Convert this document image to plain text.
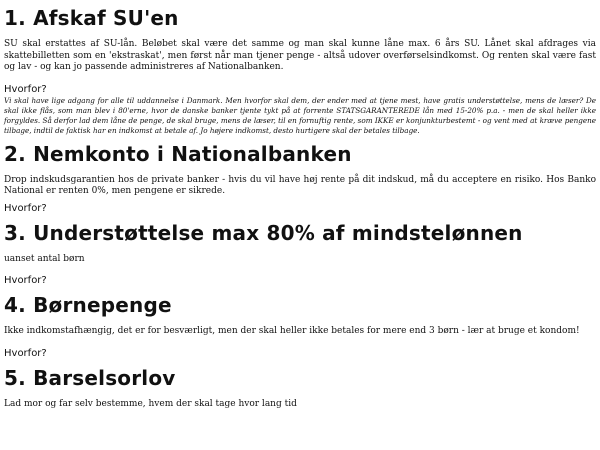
1. Afskaf SU'en

SU skal erstattes af SU-lån. Beløbet skal være det samme og man skal kunne låne max. 6 års SU. Lånet skal afdrages via skattebilletten som en 'ekstraskat', men først når man tjener penge - altså udover overførselsindkomst. Og renten skal være fast og lav - og kan jo passende administreres af Nationalbanken.

Hvorfor?

Vi skal have lige adgang for alle til uddannelse i Danmark. Men hvorfor skal dem, der ender med at tjene mest, have gratis understøttelse, mens de læser? De skal ikke flås, som man blev i 80'erne, hvor de danske banker tjente tykt på at forrente STATSGARANTEREDE lån med 15-20% p.a. - men de skal heller ikke forgyldes. Så derfor lad dem låne de penge, de skal bruge, mens de læser, til en fornuftig rente, som IKKE er konjunkturbestemt - og vent med at kræve pengene tilbage, indtil de faktisk har en indkomst at betale af. Jo højere indkomst, desto hurtigere skal der betales tilbage.

2. Nemkonto i Nationalbanken

Drop indskudsgarantien hos de private banker - hvis du vil have høj rente på dit indskud, må du acceptere en risiko. Hos Banko National er renten 0%, men pengene er sikrede.

Hvorfor?

3. Understøttelse max 80% af mindstelønnen

uanset antal børn

Hvorfor?

4. Børnepenge

Ikke indkomstafhængig, det er for besværligt, men der skal heller ikke betales for mere end 3 børn - lær at bruge et kondom!

Hvorfor?

5. Barselsorlov

Lad mor og far selv bestemme, hvem der skal tage hvor lang tid
